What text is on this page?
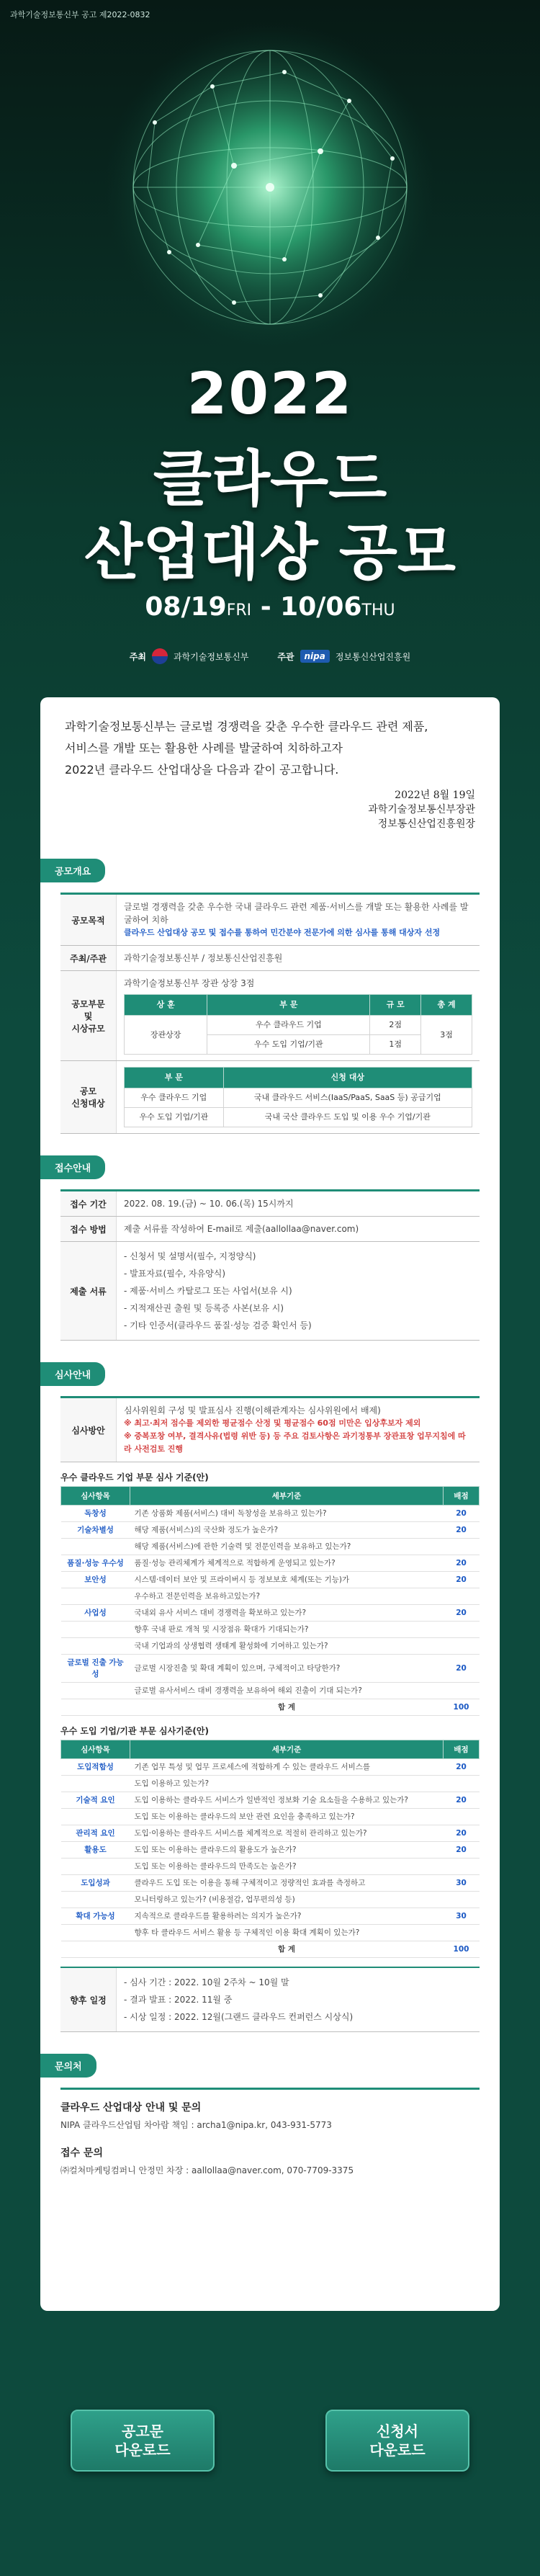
과학기술정보통신부 공고 제2022-0832
2022
클라우드
산업대상 공모
08/19FRI - 10/06THU
주최	과학기술정보통신부	주관	nipa	정보통신산업진흥원
과학기술정보통신부는 글로벌 경쟁력을 갖춘 우수한 클라우드 관련 제품,
서비스를 개발 또는 활용한 사례를 발굴하여 치하하고자
2022년 클라우드 산업대상을 다음과 같이 공고합니다.
2022년 8월 19일
과학기술정보통신부장관
정보통신산업진흥원장
공모개요
공모목적
글로벌 경쟁력을 갖춘 우수한 국내 클라우드 관련 제품·서비스를 개발 또는 활용한 사례를 발굴하여 치하
클라우드 산업대상 공모 및 접수를 통하여 민간분야 전문가에 의한 심사를 통해 대상자 선정
주최/주관	과학기술정보통신부 / 정보통신산업진흥원
공모부문
및
시상규모
과학기술정보통신부 장관 상장 3점
상 훈	부 문	규 모	총 계
장관상장	우수 클라우드 기업	2점	3점
	우수 도입 기업/기관	1점	
공모
신청대상
부 문	신청 대상
우수 클라우드 기업	국내 클라우드 서비스(IaaS/PaaS, SaaS 등) 공급기업
우수 도입 기업/기관	국내 국산 클라우드 도입 및 이용 우수 기업/기관
접수안내
접수 기간	2022. 08. 19.(금) ~ 10. 06.(목) 15시까지
접수 방법	제출 서류를 작성하여 E-mail로 제출(aallollaa@naver.com)
제출 서류
- 신청서 및 설명서(필수, 지정양식)
- 발표자료(필수, 자유양식)
- 제품·서비스 카탈로그 또는 사업서(보유 시)
- 지적재산권 출원 및 등록증 사본(보유 시)
- 기타 인증서(클라우드 품질·성능 검증 확인서 등)
심사안내
심사방안
심사위원회 구성 및 발표심사 진행(이해관계자는 심사위원에서 배제)
※ 최고·최저 점수를 제외한 평균점수 산정 및 평균점수 60점 미만은 입상후보자 제외
※ 중복포창 여부, 결격사유(법령 위반 등) 등 주요 검토사항은 과기정통부 장관표창 업무지침에 따라 사전검토 진행
우수 클라우드 기업 부문 심사 기준(안)
심사항목	세부기준	배점
독창성	기존 상품화 제품(서비스) 대비 독창성을 보유하고 있는가?	20
기술차별성	해당 제품(서비스)의 국산화 정도가 높은가?	20
	해당 제품(서비스)에 관한 기술력 및 전문인력을 보유하고 있는가?	
품질·성능 우수성	품질·성능 관리체계가 체계적으로 적합하게 운영되고 있는가?	20
보안성	시스템·데이터 보안 및 프라이버시 등 정보보호 체계(또는 기능)가	20
	우수하고 전문인력을 보유하고있는가?	
사업성	국내외 유사 서비스 대비 경쟁력을 확보하고 있는가?	20
	향후 국내 판로 개척 및 시장점유 확대가 기대되는가?	
	국내 기업과의 상생협력 생태계 활성화에 기여하고 있는가?	
글로벌 진출 가능성	글로벌 시장진출 및 확대 계획이 있으며, 구체적이고 타당한가?	20
	글로벌 유사서비스 대비 경쟁력을 보유하여 해외 진출이 기대 되는가?	
	합 계	100
우수 도입 기업/기관 부문 심사기준(안)
심사항목	세부기준	배점
도입적합성	기존 업무 특성 및 업무 프로세스에 적합하게 수 있는 클라우드 서비스를	20
	도입 이용하고 있는가?	
기술적 요인	도입 이용하는 클라우드 서비스가 일반적인 정보화 기술 요소들을 수용하고 있는가?	20
	도입 또는 이용하는 클라우드의 보안 관련 요인을 충족하고 있는가?	
관리적 요인	도입·이용하는 클라우드 서비스를 체계적으로 적절히 관리하고 있는가?	20
활용도	도입 또는 이용하는 클라우드의 활용도가 높은가?	20
	도입 또는 이용하는 클라우드의 만족도는 높은가?	
도입성과	클라우드 도입 또는 이용을 통해 구체적이고 정량적인 효과를 측정하고	30
	모니터링하고 있는가? (비용절감, 업무편의성 등)	
확대 가능성	지속적으로 클라우드를 활용하려는 의지가 높은가?	30
	향후 타 클라우드 서비스 활용 등 구체적인 이용 확대 계획이 있는가?	
	합 계	100
향후 일정
- 심사 기간 : 2022. 10월 2주차 ~ 10월 말
- 결과 발표 : 2022. 11월 중
- 시상 일정 : 2022. 12월(그랜드 클라우드 컨퍼런스 시상식)
문의처
클라우드 산업대상 안내 및 문의
NIPA 클라우드산업팀 차아람 책임 : archa1@nipa.kr, 043-931-5773
접수 문의
㈜컬쳐마케팅컴퍼니 안정민 차장 : aallollaa@naver.com, 070-7709-3375
공고문
다운로드
신청서
다운로드
